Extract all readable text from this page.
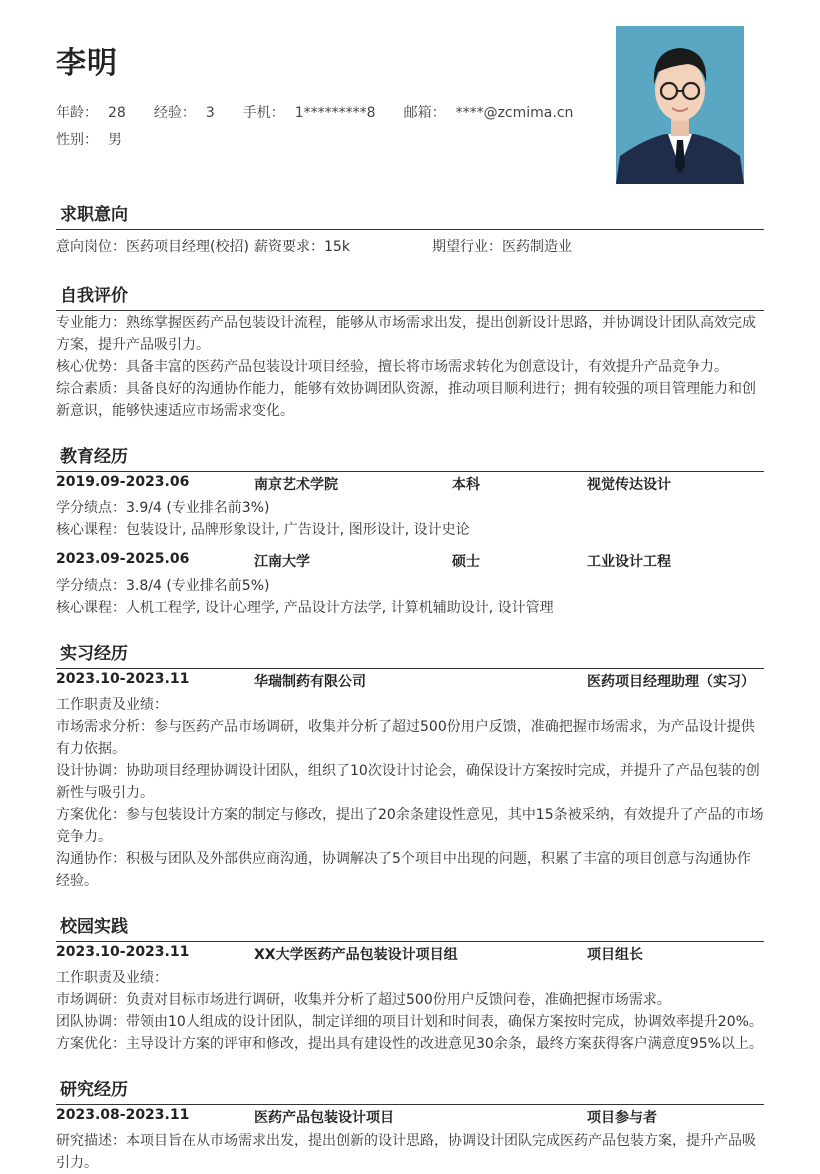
李明
年龄： 28 经验： 3 手机： 1*********8 邮箱： ****@zcmima.cn
性别： 男
求职意向
意向岗位：医药项目经理(校招) 薪资要求：15k	期望行业：医药制造业
自我评价
专业能力：熟练掌握医药产品包装设计流程，能够从市场需求出发，提出创新设计思路，并协调设计团队高效完成
方案，提升产品吸引力。
核心优势：具备丰富的医药产品包装设计项目经验，擅长将市场需求转化为创意设计，有效提升产品竞争力。
综合素质：具备良好的沟通协作能力，能够有效协调团队资源，推动项目顺利进行；拥有较强的项目管理能力和创
新意识，能够快速适应市场需求变化。
教育经历
2019.09-2023.06	南京艺术学院	本科	视觉传达设计
学分绩点：3.9/4 (专业排名前3%)
核心课程：包装设计, 品牌形象设计, 广告设计, 图形设计, 设计史论
2023.09-2025.06	江南大学	硕士	工业设计工程
学分绩点：3.8/4 (专业排名前5%)
核心课程：人机工程学, 设计心理学, 产品设计方法学, 计算机辅助设计, 设计管理
实习经历
2023.10-2023.11	华瑞制药有限公司	医药项目经理助理（实习）
工作职责及业绩：
市场需求分析：参与医药产品市场调研，收集并分析了超过500份用户反馈，准确把握市场需求，为产品设计提供
有力依据。
设计协调：协助项目经理协调设计团队，组织了10次设计讨论会，确保设计方案按时完成，并提升了产品包装的创
新性与吸引力。
方案优化：参与包装设计方案的制定与修改，提出了20余条建设性意见，其中15条被采纳，有效提升了产品的市场
竞争力。
沟通协作：积极与团队及外部供应商沟通，协调解决了5个项目中出现的问题，积累了丰富的项目创意与沟通协作
经验。
校园实践
2023.10-2023.11	XX大学医药产品包装设计项目组	项目组长
工作职责及业绩：
市场调研：负责对目标市场进行调研，收集并分析了超过500份用户反馈问卷，准确把握市场需求。
团队协调：带领由10人组成的设计团队，制定详细的项目计划和时间表，确保方案按时完成，协调效率提升20%。
方案优化：主导设计方案的评审和修改，提出具有建设性的改进意见30余条，最终方案获得客户满意度95%以上。
研究经历
2023.08-2023.11	医药产品包装设计项目	项目参与者
研究描述：本项目旨在从市场需求出发，提出创新的设计思路，协调设计团队完成医药产品包装方案，提升产品吸
引力。
